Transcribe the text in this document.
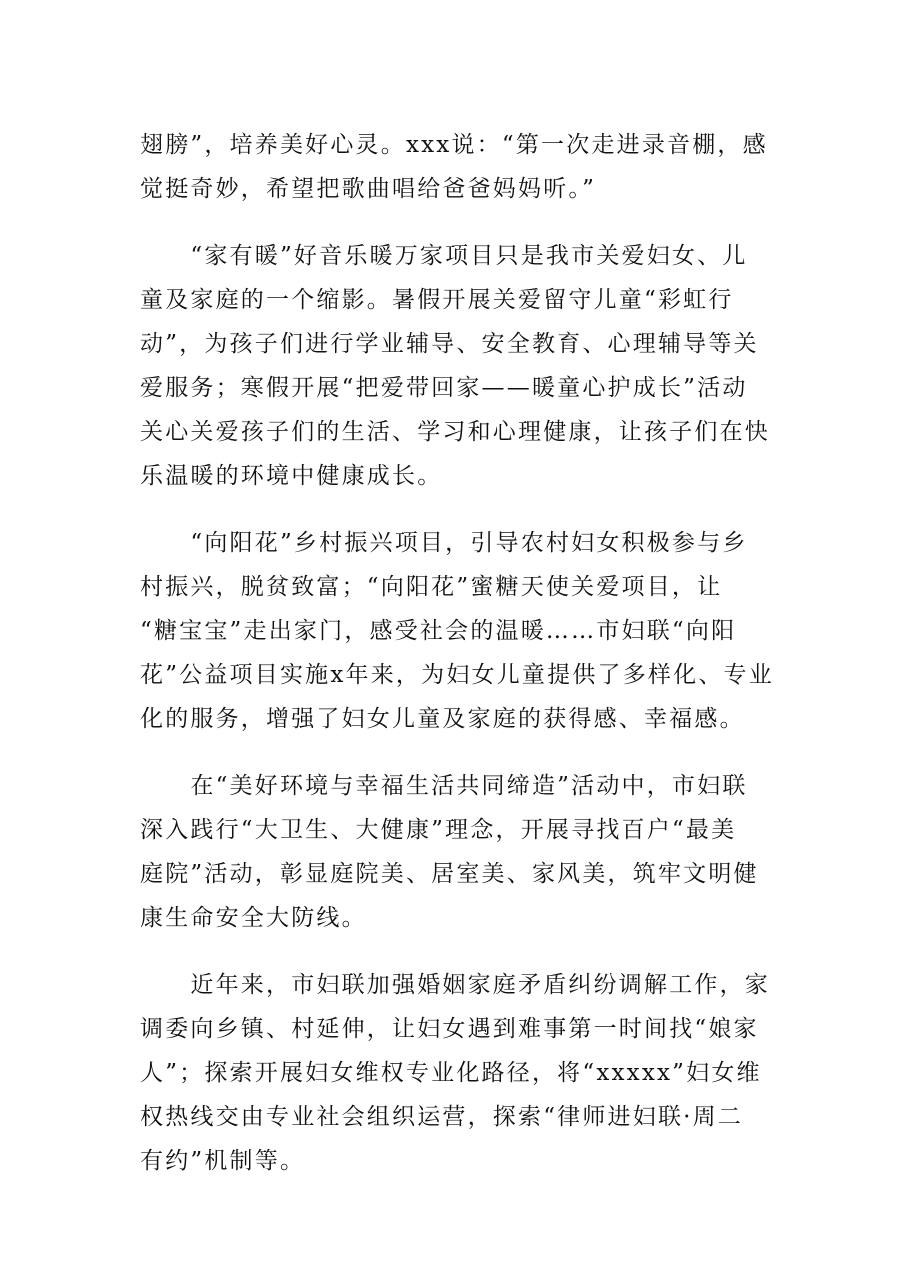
翅膀”，培养美好心灵。xxx说：“第一次走进录音棚，感
觉挺奇妙，希望把歌曲唱给爸爸妈妈听。”
　　“家有暖”好音乐暖万家项目只是我市关爱妇女、儿
童及家庭的一个缩影。暑假开展关爱留守儿童“彩虹行
动”，为孩子们进行学业辅导、安全教育、心理辅导等关
爱服务；寒假开展“把爱带回家——暖童心护成长”活动
关心关爱孩子们的生活、学习和心理健康，让孩子们在快
乐温暖的环境中健康成长。
　　“向阳花”乡村振兴项目，引导农村妇女积极参与乡
村振兴，脱贫致富；“向阳花”蜜糖天使关爱项目，让
“糖宝宝”走出家门，感受社会的温暖……市妇联“向阳
花”公益项目实施x年来，为妇女儿童提供了多样化、专业
化的服务，增强了妇女儿童及家庭的获得感、幸福感。
　　在“美好环境与幸福生活共同缔造”活动中，市妇联
深入践行“大卫生、大健康”理念，开展寻找百户“最美
庭院”活动，彰显庭院美、居室美、家风美，筑牢文明健
康生命安全大防线。
　　近年来，市妇联加强婚姻家庭矛盾纠纷调解工作，家
调委向乡镇、村延伸，让妇女遇到难事第一时间找“娘家
人”；探索开展妇女维权专业化路径，将“xxxxx”妇女维
权热线交由专业社会组织运营，探索“律师进妇联·周二
有约”机制等。
